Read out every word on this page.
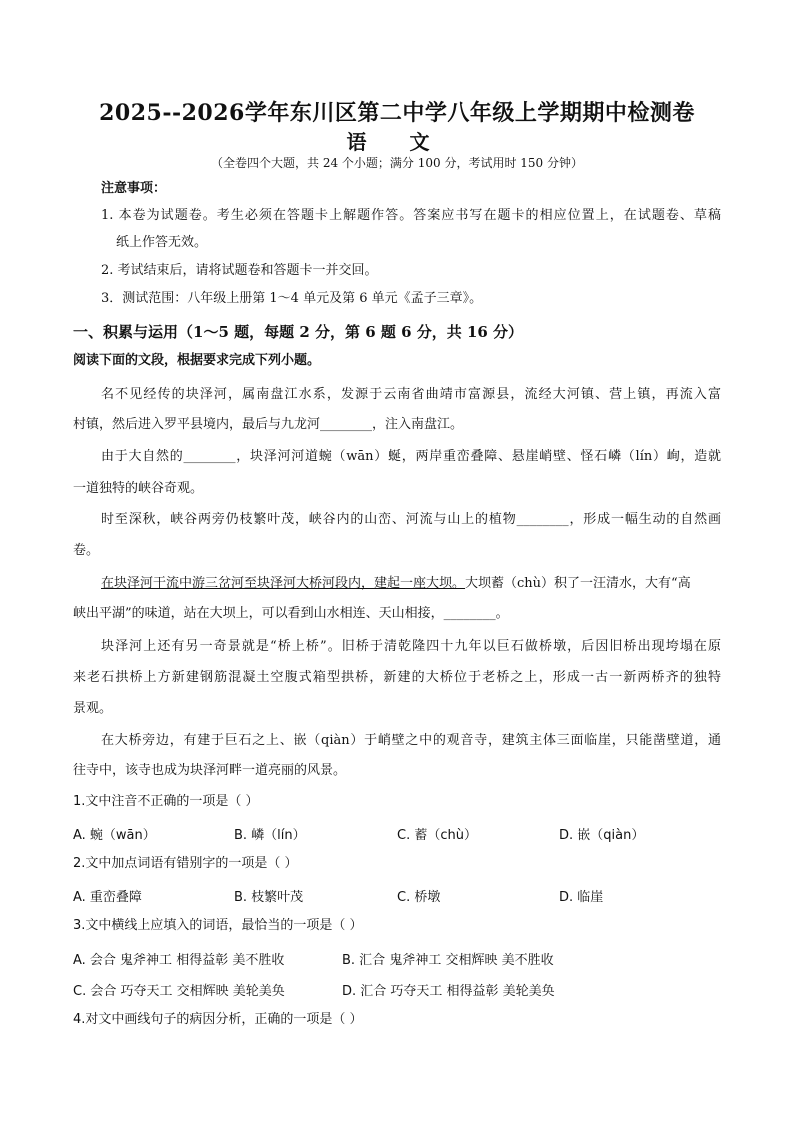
2025--2026学年东川区第二中学八年级上学期期中检测卷
语 文
（全卷四个大题，共 24 个小题；满分 100 分，考试用时 150 分钟）
注意事项：
1. 本卷为试题卷。考生必须在答题卡上解题作答。答案应书写在题卡的相应位置上，在试题卷、草稿
纸上作答无效。
2. 考试结束后，请将试题卷和答题卡一并交回。
3．测试范围：八年级上册第 1～4 单元及第 6 单元《孟子三章》。
一、积累与运用（1～5 题，每题 2 分，第 6 题 6 分，共 16 分）
阅读下面的文段，根据要求完成下列小题。
名不见经传的块泽河，属南盘江水系，发源于云南省曲靖市富源县，流经大河镇、营上镇，再流入富
村镇，然后进入罗平县境内，最后与九龙河________，注入南盘江。
由于大自然的________，块泽河河道蜿（wān）蜒，两岸重峦叠障、悬崖峭壁、怪石嶙（lín）峋，造就
一道独特的峡谷奇观。
时至深秋，峡谷两旁仍枝繁叶茂，峡谷内的山峦、河流与山上的植物________，形成一幅生动的自然画
卷。
在块泽河干流中游三岔河至块泽河大桥河段内，建起一座大坝。大坝蓄（chù）积了一汪清水，大有“高
峡出平湖”的味道，站在大坝上，可以看到山水相连、天山相接，________。
块泽河上还有另一奇景就是“桥上桥”。旧桥于清乾隆四十九年以巨石做桥墩，后因旧桥出现垮塌在原
来老石拱桥上方新建钢筋混凝土空腹式箱型拱桥，新建的大桥位于老桥之上，形成一古一新两桥齐的独特
景观。
在大桥旁边，有建于巨石之上、嵌（qiàn）于峭壁之中的观音寺，建筑主体三面临崖，只能凿壁道，通
往寺中，该寺也成为块泽河畔一道亮丽的风景。
1.文中注音不正确的一项是（ ）
A. 蜿（wān）	B. 嶙（lín）	C. 蓄（chù）	D. 嵌（qiàn）
2.文中加点词语有错别字的一项是（ ）
A. 重峦叠障	B. 枝繁叶茂	C. 桥墩	D. 临崖
3.文中横线上应填入的词语，最恰当的一项是（ ）
A. 会合 鬼斧神工 相得益彰 美不胜收	B. 汇合 鬼斧神工 交相辉映 美不胜收
C. 会合 巧夺天工 交相辉映 美轮美奂	D. 汇合 巧夺天工 相得益彰 美轮美奂
4.对文中画线句子的病因分析，正确的一项是（ ）
